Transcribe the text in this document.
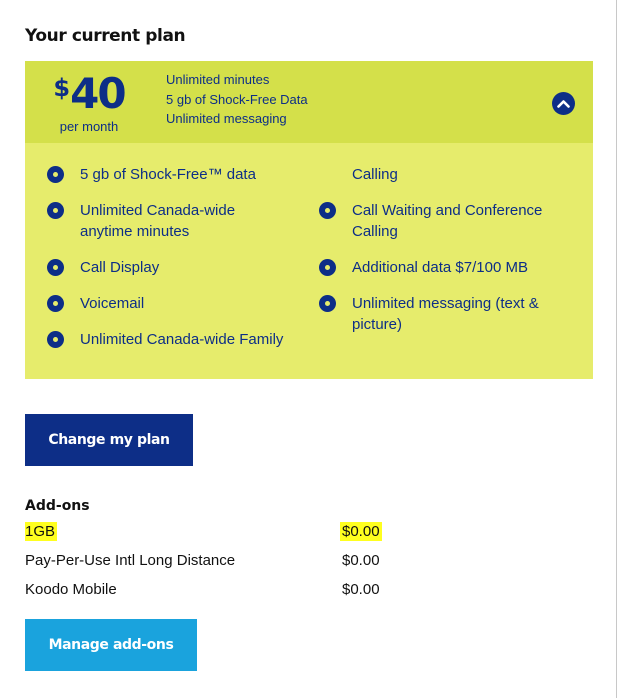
Your current plan
$ 40
per month
Unlimited minutes
5 gb of Shock-Free Data
Unlimited messaging
5 gb of Shock-Free™ data
Unlimited Canada-wide anytime minutes
Call Display
Voicemail
Unlimited Canada-wide Family
Calling
Call Waiting and Conference Calling
Additional data $7/100 MB
Unlimited messaging (text & picture)
Change my plan
Add-ons
1GB	$0.00
Pay-Per-Use Intl Long Distance	$0.00
Koodo Mobile	$0.00
Manage add-ons
